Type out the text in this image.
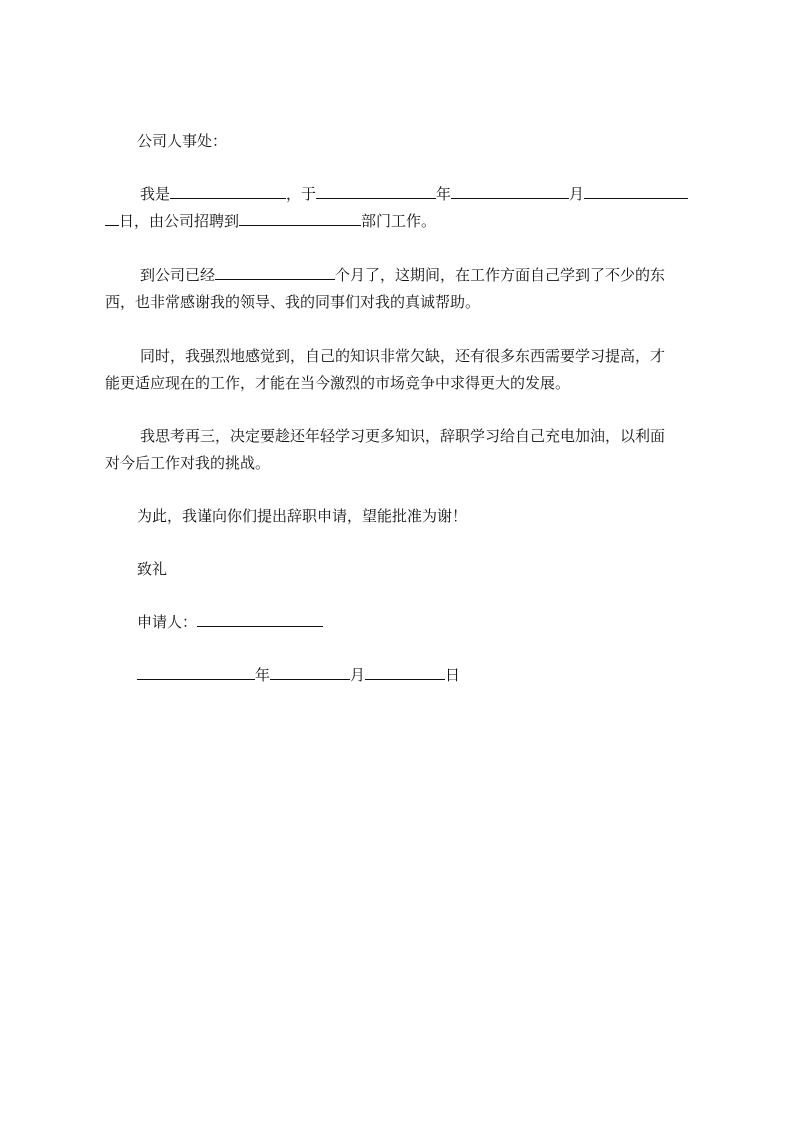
公司人事处：
我是	，于	年	月
日，由公司招聘到	部门工作。
到公司已经	个月了，这期间，在工作方面自己学到了不少的东
西，也非常感谢我的领导、我的同事们对我的真诚帮助。
同时，我强烈地感觉到，自己的知识非常欠缺，还有很多东西需要学习提高，才
能更适应现在的工作，才能在当今激烈的市场竞争中求得更大的发展。
我思考再三，决定要趁还年轻学习更多知识，辞职学习给自己充电加油，以利面
对今后工作对我的挑战。
为此，我谨向你们提出辞职申请，望能批准为谢！
致礼
申请人：
年	月	日
